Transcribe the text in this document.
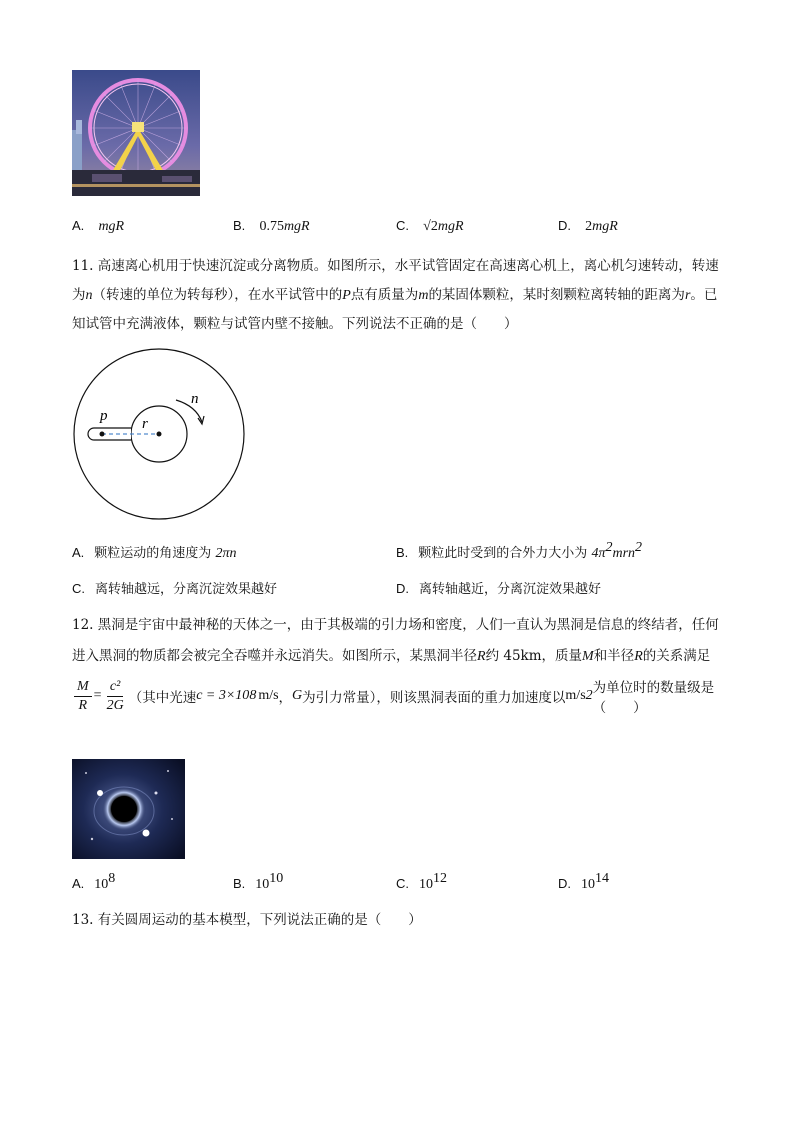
A. mgR	B. 0.75mgR	C. √2mgR	D. 2mgR
11. 高速离心机用于快速沉淀或分离物质。如图所示，水平试管固定在高速离心机上，离心机匀速转动，转速为n（转速的单位为转每秒），在水平试管中的P点有质量为m的某固体颗粒，某时刻颗粒离转轴的距离为r。已知试管中充满液体，颗粒与试管内壁不接触。下列说法不正确的是（　　）
p r
n
A. 颗粒运动的角速度为 2πn	B. 颗粒此时受到的合外力大小为 $4\pi^2mrn^2$
C. 离转轴越远，分离沉淀效果越好	D. 离转轴越近，分离沉淀效果越好
12. 黑洞是宇宙中最神秘的天体之一，由于其极端的引力场和密度，人们一直认为黑洞是信息的终结者，任何进入黑洞的物质都会被完全吞噬并永远消失。如图所示，某黑洞半径R约 45km，质量M和半径R的关系满足
$\frac{M}{R} = \frac{\text{c²}}{2G}$ （其中光速 c = 3×10 8 m/s ， G 为引力常量），则该黑洞表面的重力加速度以 m/s 2 为单位时的数量级是（　　）
A. $10^8$	B. $10^{10}$	C. $10^{12}$	D. $10^{14}$
13. 有关圆周运动的基本模型，下列说法正确的是（　　）
